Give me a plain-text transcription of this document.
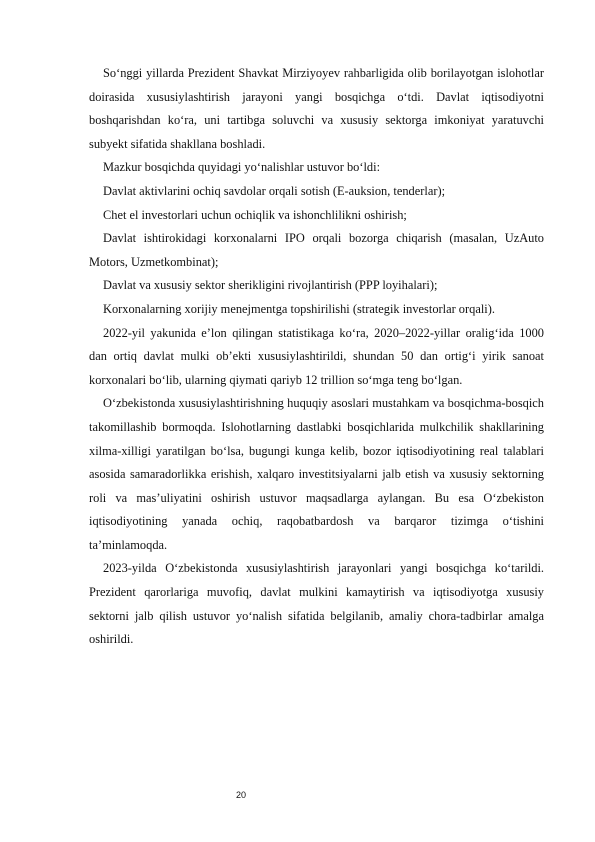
So‘nggi yillarda Prezident Shavkat Mirziyoyev rahbarligida olib borilayotgan islohotlar doirasida xususiylashtirish jarayoni yangi bosqichga o‘tdi. Davlat iqtisodiyotni boshqarishdan ko‘ra, uni tartibga soluvchi va xususiy sektorga imkoniyat yaratuvchi subyekt sifatida shakllana boshladi.

Mazkur bosqichda quyidagi yo‘nalishlar ustuvor bo‘ldi:

Davlat aktivlarini ochiq savdolar orqali sotish (E-auksion, tenderlar);

Chet el investorlari uchun ochiqlik va ishonchlilikni oshirish;

Davlat ishtirokidagi korxonalarni IPO orqali bozorga chiqarish (masalan, UzAuto Motors, Uzmetkombinat);

Davlat va xususiy sektor sherikligini rivojlantirish (PPP loyihalari);

Korxonalarning xorijiy menejmentga topshirilishi (strategik investorlar orqali).

2022-yil yakunida e’lon qilingan statistikaga ko‘ra, 2020–2022-yillar oralig‘ida 1000 dan ortiq davlat mulki ob’ekti xususiylashtirildi, shundan 50 dan ortig‘i yirik sanoat korxonalari bo‘lib, ularning qiymati qariyb 12 trillion so‘mga teng bo‘lgan.

O‘zbekistonda xususiylashtirishning huquqiy asoslari mustahkam va bosqichma-bosqich takomillashib bormoqda. Islohotlarning dastlabki bosqichlarida mulkchilik shakllarining xilma-xilligi yaratilgan bo‘lsa, bugungi kunga kelib, bozor iqtisodiyotining real talablari asosida samaradorlikka erishish, xalqaro investitsiyalarni jalb etish va xususiy sektorning roli va mas’uliyatini oshirish ustuvor maqsadlarga aylangan. Bu esa O‘zbekiston iqtisodiyotining yanada ochiq, raqobatbardosh va barqaror tizimga o‘tishini ta’minlamoqda.

2023-yilda O‘zbekistonda xususiylashtirish jarayonlari yangi bosqichga ko‘tarildi. Prezident qarorlariga muvofiq, davlat mulkini kamaytirish va iqtisodiyotga xususiy sektorni jalb qilish ustuvor yo‘nalish sifatida belgilanib, amaliy chora-tadbirlar amalga oshirildi.

20
